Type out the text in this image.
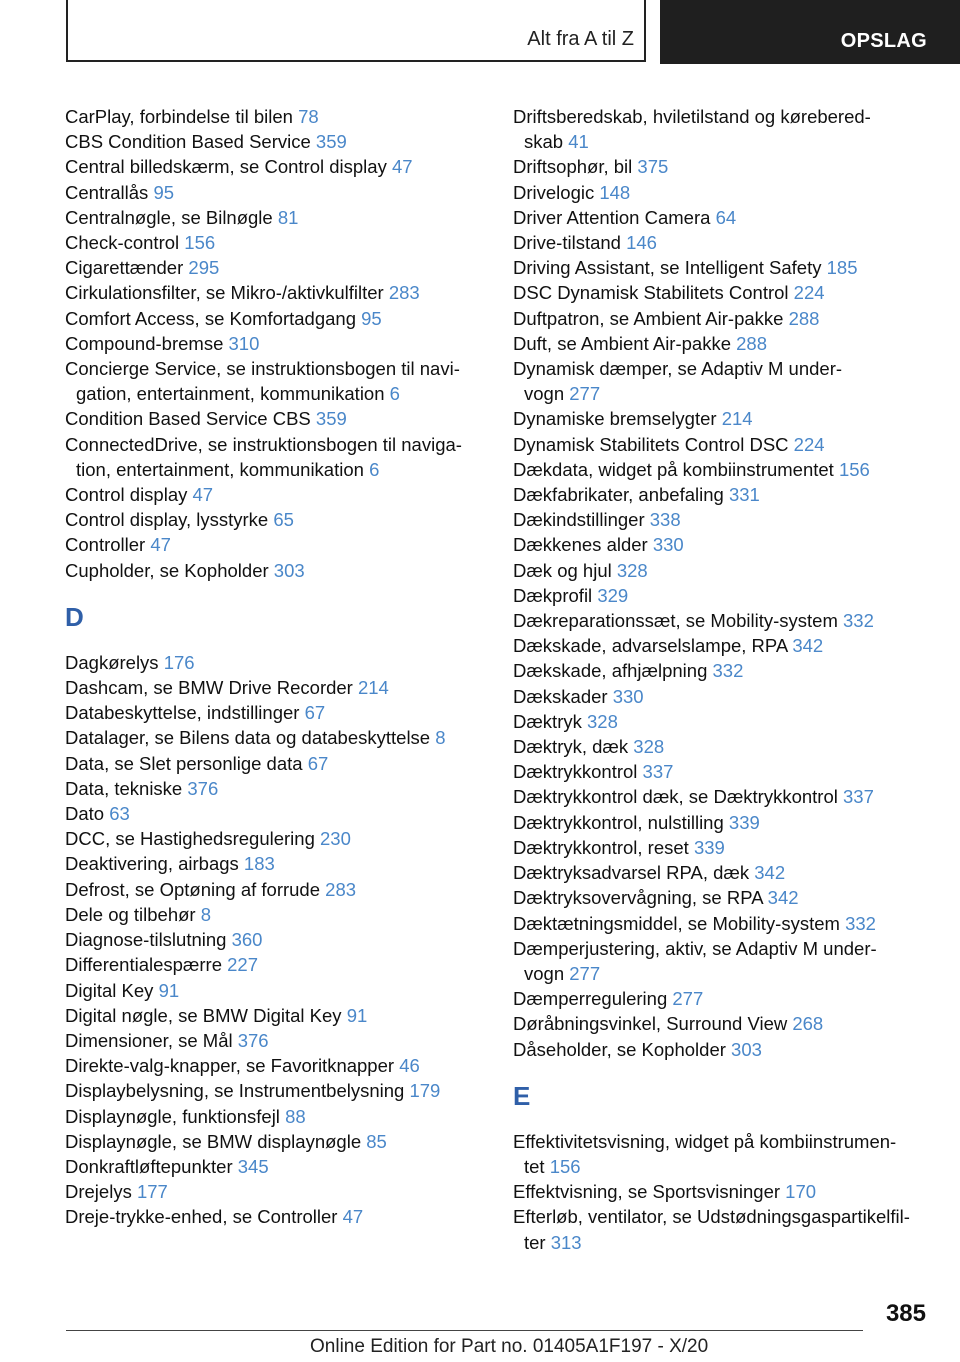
Alt fra A til Z	OPSLAG
CarPlay, forbindelse til bilen 78
CBS Condition Based Service 359
Central billedskærm, se Control display 47
Centrallås 95
Centralnøgle, se Bilnøgle 81
Check-control 156
Cigarettænder 295
Cirkulationsfilter, se Mikro-/aktivkulfilter 283
Comfort Access, se Komfortadgang 95
Compound-bremse 310
Concierge Service, se instruktionsbogen til navi-
gation, entertainment, kommunikation 6
Condition Based Service CBS 359
ConnectedDrive, se instruktionsbogen til naviga-
tion, entertainment, kommunikation 6
Control display 47
Control display, lysstyrke 65
Controller 47
Cupholder, se Kopholder 303
D
Dagkørelys 176
Dashcam, se BMW Drive Recorder 214
Databeskyttelse, indstillinger 67
Datalager, se Bilens data og databeskyttelse 8
Data, se Slet personlige data 67
Data, tekniske 376
Dato 63
DCC, se Hastighedsregulering 230
Deaktivering, airbags 183
Defrost, se Optøning af forrude 283
Dele og tilbehør 8
Diagnose-tilslutning 360
Differentialespærre 227
Digital Key 91
Digital nøgle, se BMW Digital Key 91
Dimensioner, se Mål 376
Direkte-valg-knapper, se Favoritknapper 46
Displaybelysning, se Instrumentbelysning 179
Displaynøgle, funktionsfejl 88
Displaynøgle, se BMW displaynøgle 85
Donkraftløftepunkter 345
Drejelys 177
Dreje-trykke-enhed, se Controller 47
Driftsberedskab, hviletilstand og kørebered-
skab 41
Driftsophør, bil 375
Drivelogic 148
Driver Attention Camera 64
Drive-tilstand 146
Driving Assistant, se Intelligent Safety 185
DSC Dynamisk Stabilitets Control 224
Duftpatron, se Ambient Air-pakke 288
Duft, se Ambient Air-pakke 288
Dynamisk dæmper, se Adaptiv M under-
vogn 277
Dynamiske bremselygter 214
Dynamisk Stabilitets Control DSC 224
Dækdata, widget på kombiinstrumentet 156
Dækfabrikater, anbefaling 331
Dækindstillinger 338
Dækkenes alder 330
Dæk og hjul 328
Dækprofil 329
Dækreparationssæt, se Mobility-system 332
Dækskade, advarselslampe, RPA 342
Dækskade, afhjælpning 332
Dækskader 330
Dæktryk 328
Dæktryk, dæk 328
Dæktrykkontrol 337
Dæktrykkontrol dæk, se Dæktrykkontrol 337
Dæktrykkontrol, nulstilling 339
Dæktrykkontrol, reset 339
Dæktryksadvarsel RPA, dæk 342
Dæktryksovervågning, se RPA 342
Dæktætningsmiddel, se Mobility-system 332
Dæmperjustering, aktiv, se Adaptiv M under-
vogn 277
Dæmperregulering 277
Døråbningsvinkel, Surround View 268
Dåseholder, se Kopholder 303
E
Effektivitetsvisning, widget på kombiinstrumen-
tet 156
Effektvisning, se Sportsvisninger 170
Efterløb, ventilator, se Udstødningsgaspartikelfil-
ter 313
385
Online Edition for Part no. 01405A1F197 - X/20
